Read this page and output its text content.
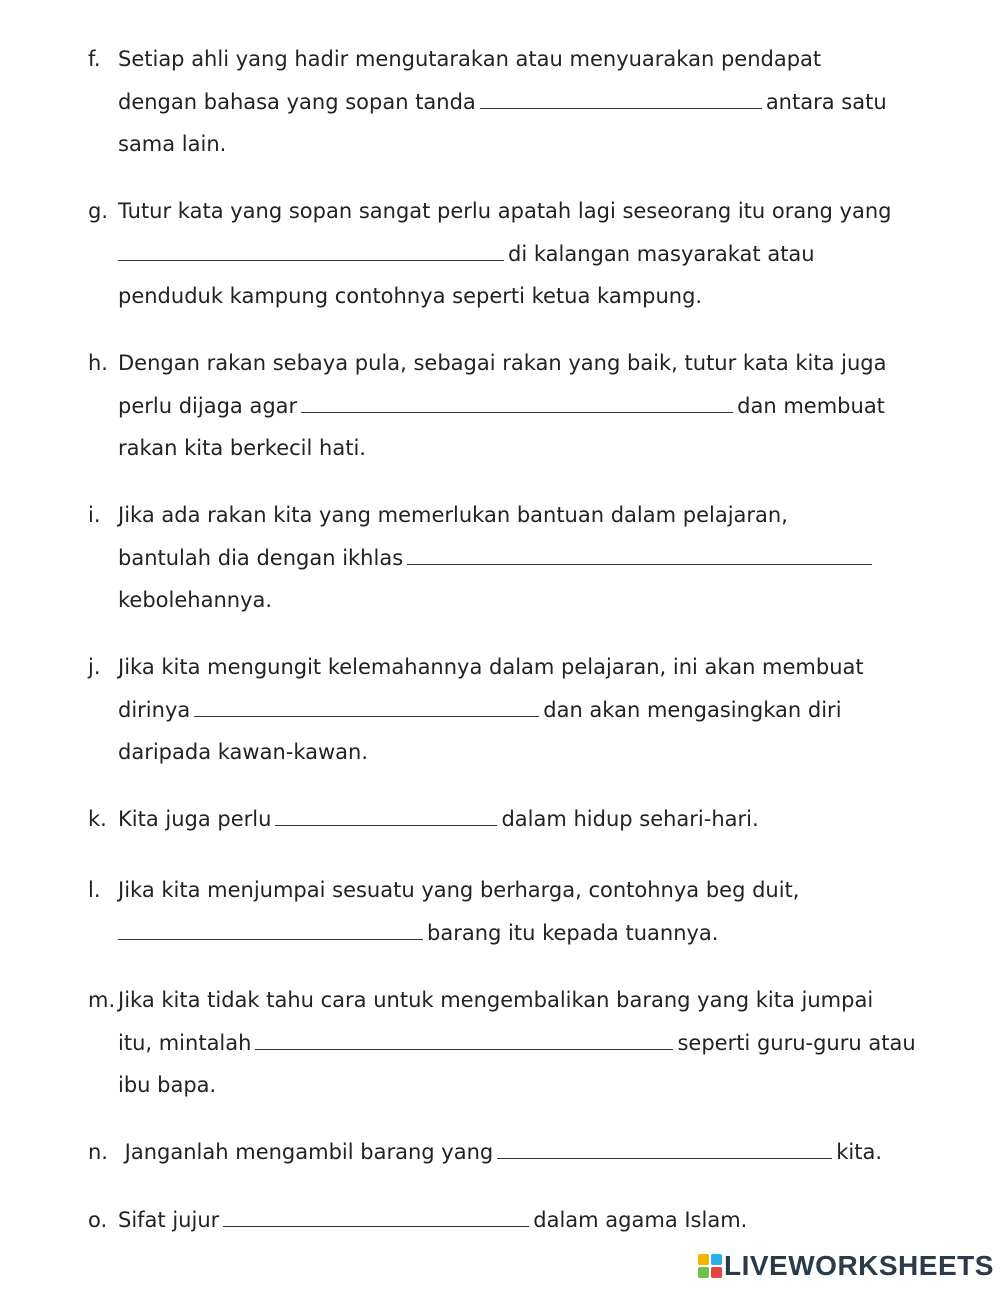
f. Setiap ahli yang hadir mengutarakan atau menyuarakan pendapat
dengan bahasa yang sopan tanda	antara satu
sama lain.
g. Tutur kata yang sopan sangat perlu apatah lagi seseorang itu orang yang
di kalangan masyarakat atau
penduduk kampung contohnya seperti ketua kampung.
h. Dengan rakan sebaya pula, sebagai rakan yang baik, tutur kata kita juga
perlu dijaga agar	dan membuat
rakan kita berkecil hati.
i. Jika ada rakan kita yang memerlukan bantuan dalam pelajaran,
bantulah dia dengan ikhlas
kebolehannya.
j. Jika kita mengungit kelemahannya dalam pelajaran, ini akan membuat
dirinya	dan akan mengasingkan diri
daripada kawan-kawan.
k. Kita juga perlu	dalam hidup sehari-hari.
l. Jika kita menjumpai sesuatu yang berharga, contohnya beg duit,
barang itu kepada tuannya.
m. Jika kita tidak tahu cara untuk mengembalikan barang yang kita jumpai
itu, mintalah	seperti guru-guru atau
ibu bapa.
n. Janganlah mengambil barang yang	kita.
o. Sifat jujur	dalam agama Islam.
LIVEWORKSHEETS
